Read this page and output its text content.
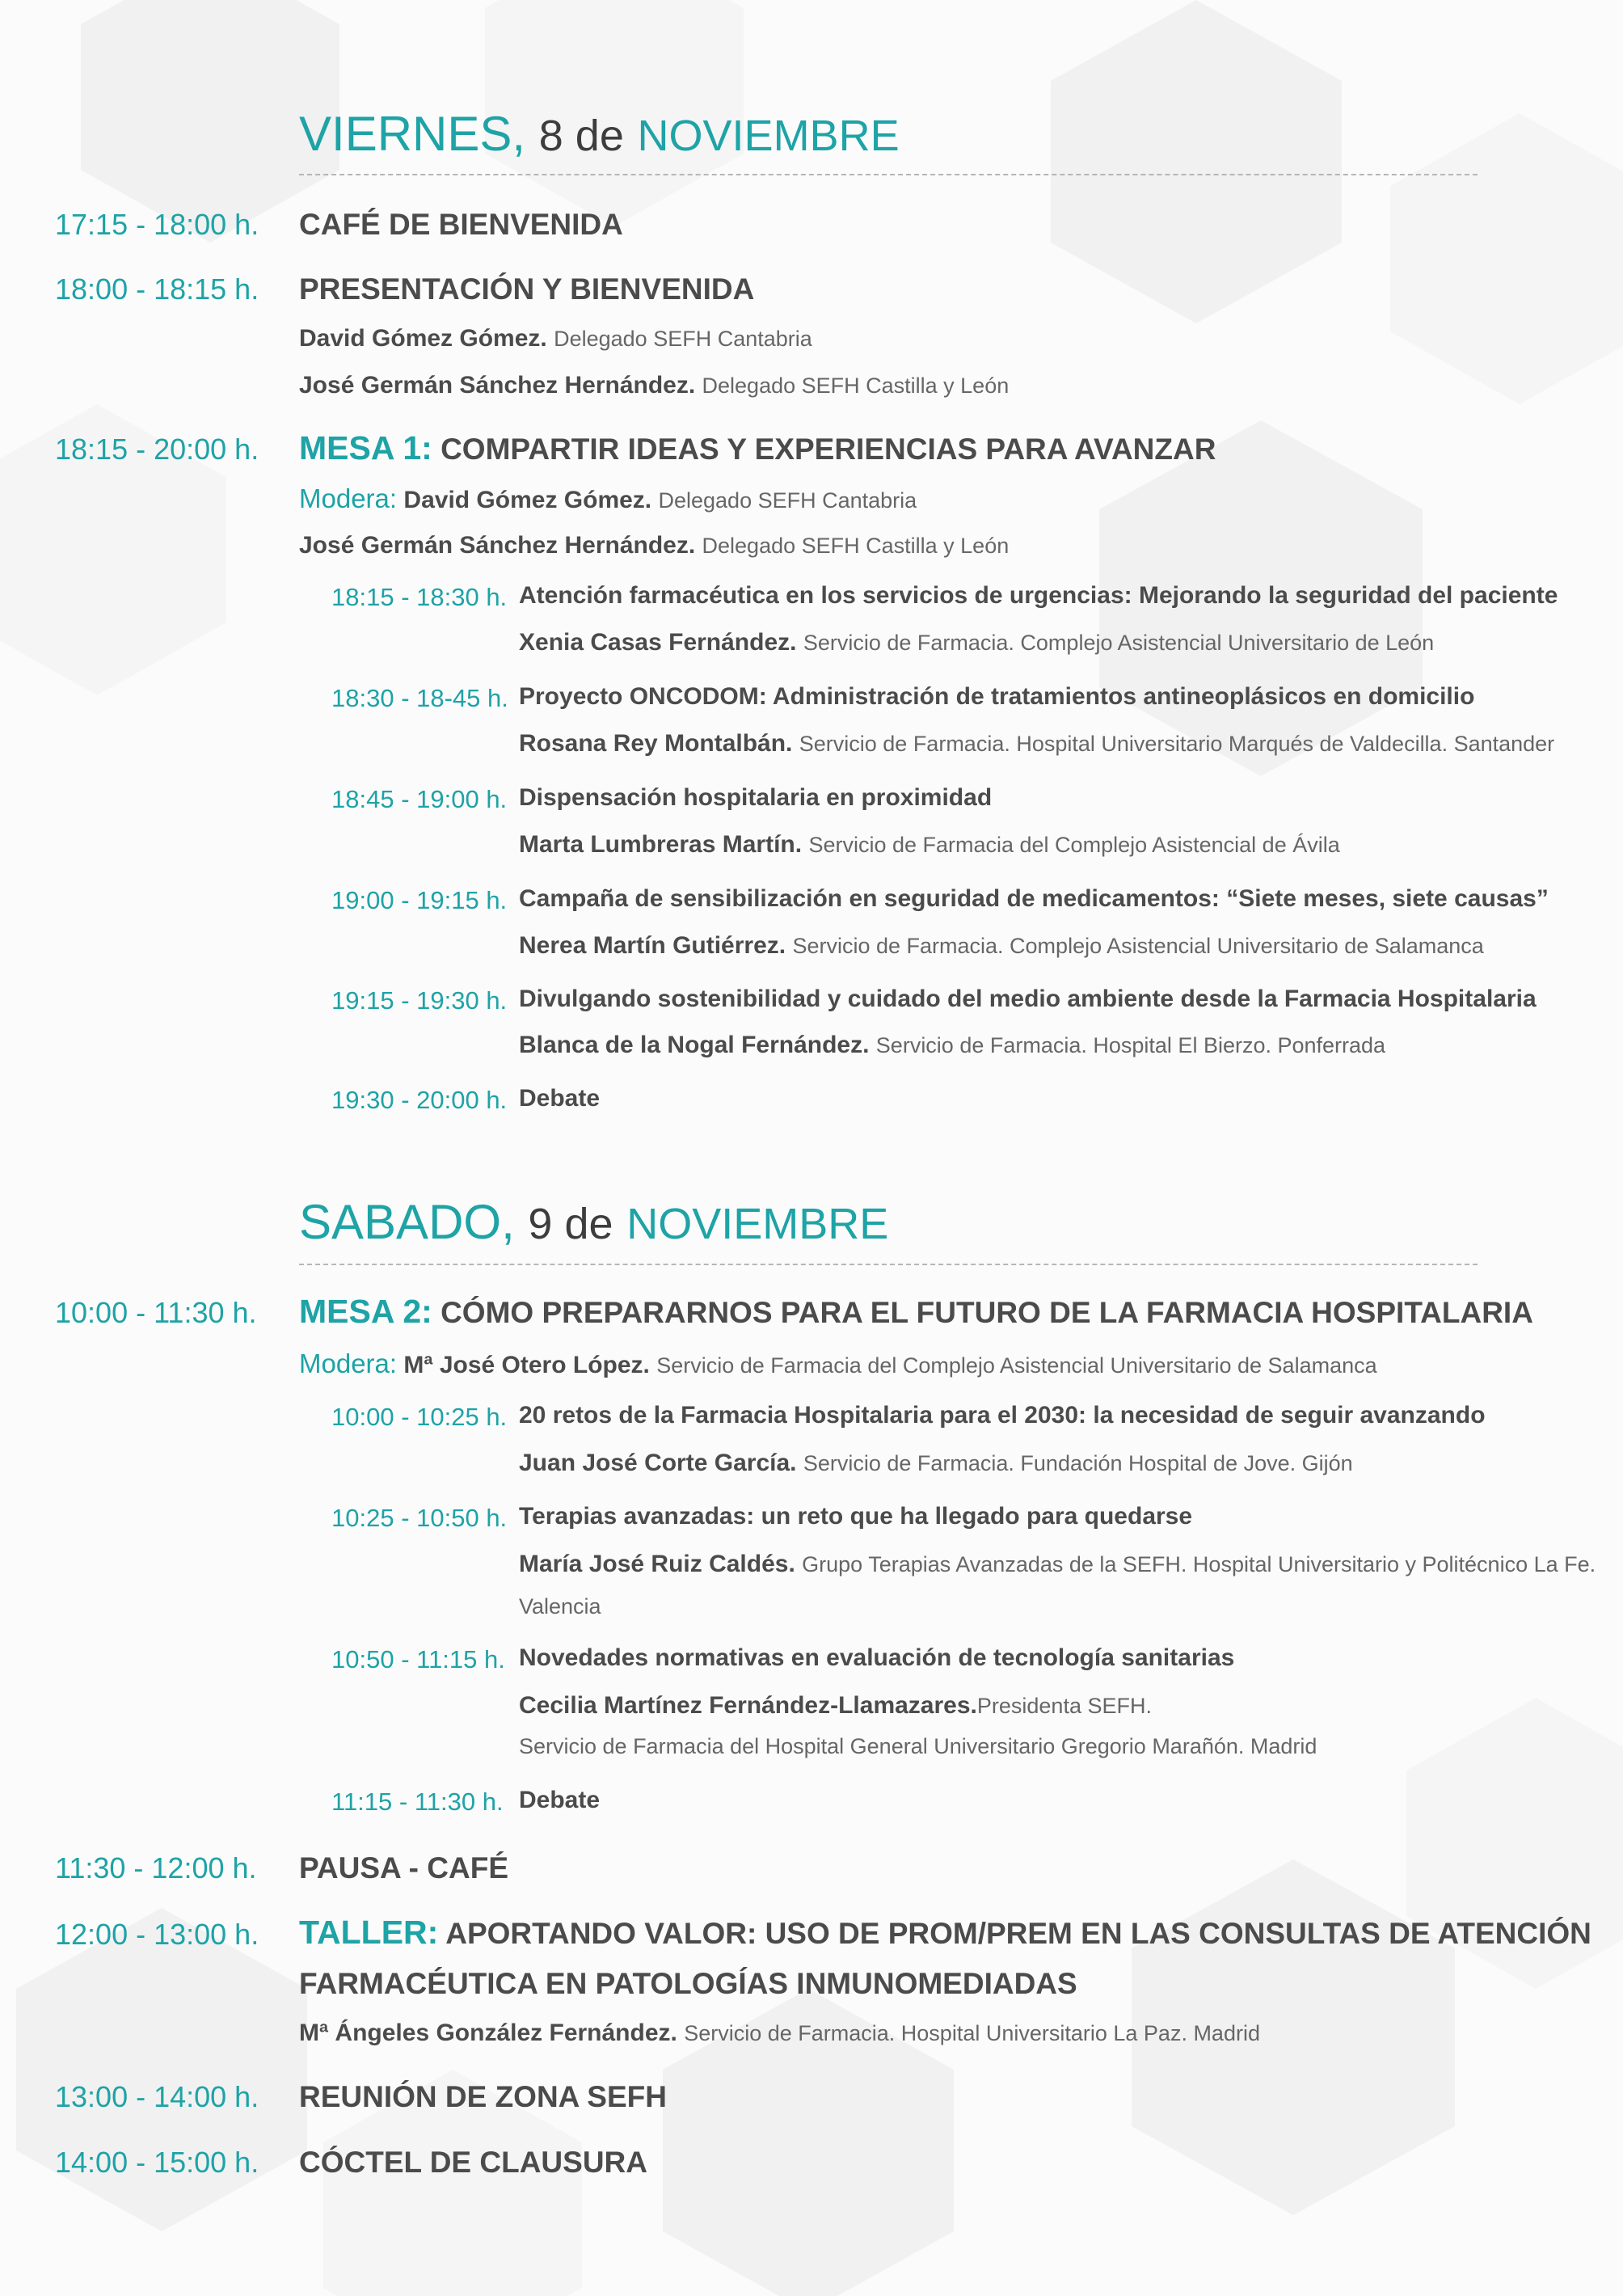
VIERNES, 8 de NOVIEMBRE
17:15 - 18:00 h. CAFÉ DE BIENVENIDA
18:00 - 18:15 h. PRESENTACIÓN Y BIENVENIDA
David Gómez Gómez. Delegado SEFH Cantabria
José Germán Sánchez Hernández. Delegado SEFH Castilla y León
18:15 - 20:00 h. MESA 1: COMPARTIR IDEAS Y EXPERIENCIAS PARA AVANZAR
Modera: David Gómez Gómez. Delegado SEFH Cantabria
José Germán Sánchez Hernández. Delegado SEFH Castilla y León
18:15 - 18:30 h. Atención farmacéutica en los servicios de urgencias: Mejorando la seguridad del paciente
Xenia Casas Fernández. Servicio de Farmacia. Complejo Asistencial Universitario de León
18:30 - 18-45 h. Proyecto ONCODOM: Administración de tratamientos antineoplásicos en domicilio
Rosana Rey Montalbán. Servicio de Farmacia. Hospital Universitario Marqués de Valdecilla. Santander
18:45 - 19:00 h. Dispensación hospitalaria en proximidad
Marta Lumbreras Martín. Servicio de Farmacia del Complejo Asistencial de Ávila
19:00 - 19:15 h. Campaña de sensibilización en seguridad de medicamentos: “Siete meses, siete causas”
Nerea Martín Gutiérrez. Servicio de Farmacia. Complejo Asistencial Universitario de Salamanca
19:15 - 19:30 h. Divulgando sostenibilidad y cuidado del medio ambiente desde la Farmacia Hospitalaria
Blanca de la Nogal Fernández. Servicio de Farmacia. Hospital El Bierzo. Ponferrada
19:30 - 20:00 h. Debate
SABADO, 9 de NOVIEMBRE
10:00 - 11:30 h. MESA 2: CÓMO PREPARARNOS PARA EL FUTURO DE LA FARMACIA HOSPITALARIA
Modera: Mª José Otero López. Servicio de Farmacia del Complejo Asistencial Universitario de Salamanca
10:00 - 10:25 h. 20 retos de la Farmacia Hospitalaria para el 2030: la necesidad de seguir avanzando
Juan José Corte García. Servicio de Farmacia. Fundación Hospital de Jove. Gijón
10:25 - 10:50 h. Terapias avanzadas: un reto que ha llegado para quedarse
María José Ruiz Caldés. Grupo Terapias Avanzadas de la SEFH. Hospital Universitario y Politécnico La Fe.
Valencia
10:50 - 11:15 h. Novedades normativas en evaluación de tecnología sanitarias
Cecilia Martínez Fernández-Llamazares.Presidenta SEFH.
Servicio de Farmacia del Hospital General Universitario Gregorio Marañón. Madrid
11:15 - 11:30 h. Debate
11:30 - 12:00 h. PAUSA - CAFÉ
12:00 - 13:00 h. TALLER: APORTANDO VALOR: USO DE PROM/PREM EN LAS CONSULTAS DE ATENCIÓN
FARMACÉUTICA EN PATOLOGÍAS INMUNOMEDIADAS
Mª Ángeles González Fernández. Servicio de Farmacia. Hospital Universitario La Paz. Madrid
13:00 - 14:00 h. REUNIÓN DE ZONA SEFH
14:00 - 15:00 h. CÓCTEL DE CLAUSURA
